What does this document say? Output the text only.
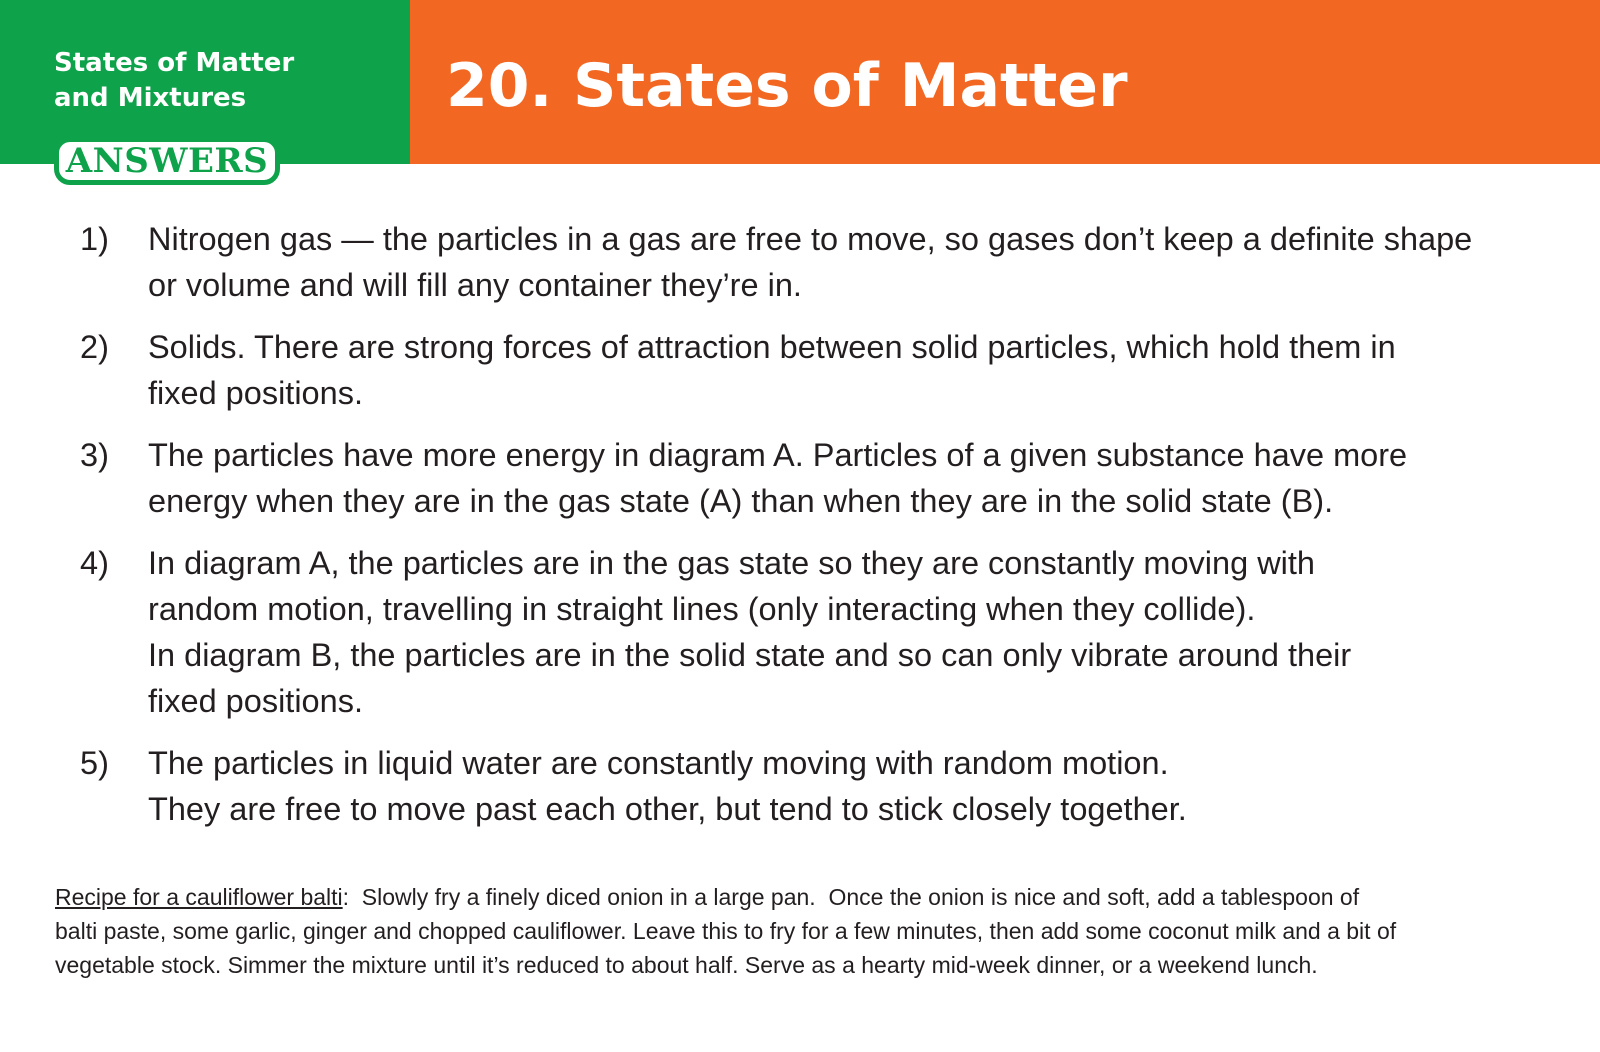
States of Matter
and Mixtures

ANSWERS
20. States of Matter
1) Nitrogen gas — the particles in a gas are free to move, so gases don’t keep a definite shape
or volume and will fill any container they’re in.
2) Solids. There are strong forces of attraction between solid particles, which hold them in
fixed positions.
3) The particles have more energy in diagram A. Particles of a given substance have more
energy when they are in the gas state (A) than when they are in the solid state (B).
4) In diagram A, the particles are in the gas state so they are constantly moving with
random motion, travelling in straight lines (only interacting when they collide).
In diagram B, the particles are in the solid state and so can only vibrate around their
fixed positions.
5) The particles in liquid water are constantly moving with random motion.
They are free to move past each other, but tend to stick closely together.

Recipe for a cauliflower balti:  Slowly fry a finely diced onion in a large pan.  Once the onion is nice and soft, add a tablespoon of
balti paste, some garlic, ginger and chopped cauliflower. Leave this to fry for a few minutes, then add some coconut milk and a bit of
vegetable stock. Simmer the mixture until it’s reduced to about half. Serve as a hearty mid-week dinner, or a weekend lunch.
